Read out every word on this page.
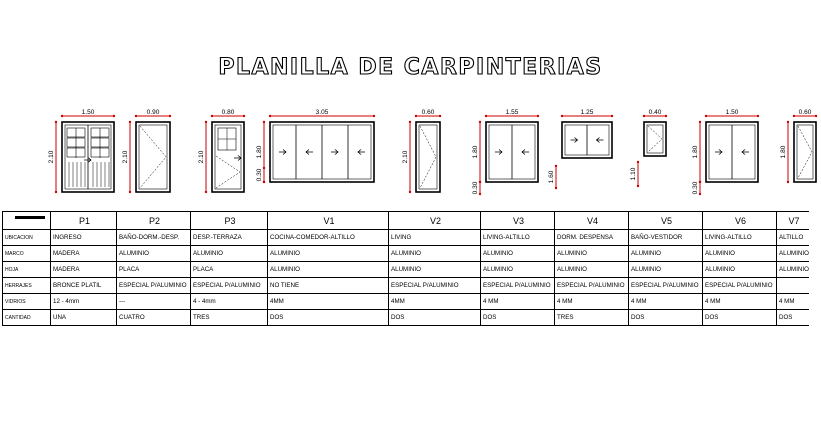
PLANILLA DE CARPINTERIAS
1.50
2.10
0.90
2.10
0.80
2.10
3.05
1.80
0.30
0.60
2.10
1.55
1.80
0.30
1.25
1.60
0.40
1.10
1.50
1.80
0.30
0.60
1.80
	P1	P2	P3	V1	V2	V3	V4	V5	V6	V7
UBICACION	INGRESO	BAÑO-DORM.-DESP.	DESP.-TERRAZA	COCINA-COMEDOR-ALTILLO	LIVING	LIVING-ALTILLO	DORM. DESPENSA	BAÑO-VESTIDOR	LIVING-ALTILLO	ALTILLO
MARCO	MADERA	ALUMINIO	ALUMINIO	ALUMINIO	ALUMINIO	ALUMINIO	ALUMINIO	ALUMINIO	ALUMINIO	ALUMINIO
HOJA	MADERA	PLACA	PLACA	ALUMINIO	ALUMINIO	ALUMINIO	ALUMINIO	ALUMINIO	ALUMINIO	ALUMINIO
HERRAJES	BRONCE PLATIL	ESPECIAL P/ALUMINIO	ESPECIAL P/ALUMINIO	NO TIENE	ESPECIAL P/ALUMINIO	ESPECIAL P/ALUMINIO	ESPECIAL P/ALUMINIO	ESPECIAL P/ALUMINIO	ESPECIAL P/ALUMINIO	
VIDRIOS	12 - 4mm	---	4 - 4mm	4MM	4MM	4 MM	4 MM	4 MM	4 MM	4 MM
CANTIDAD	UNA	CUATRO	TRES	DOS	DOS	DOS	TRES	DOS	DOS	DOS
